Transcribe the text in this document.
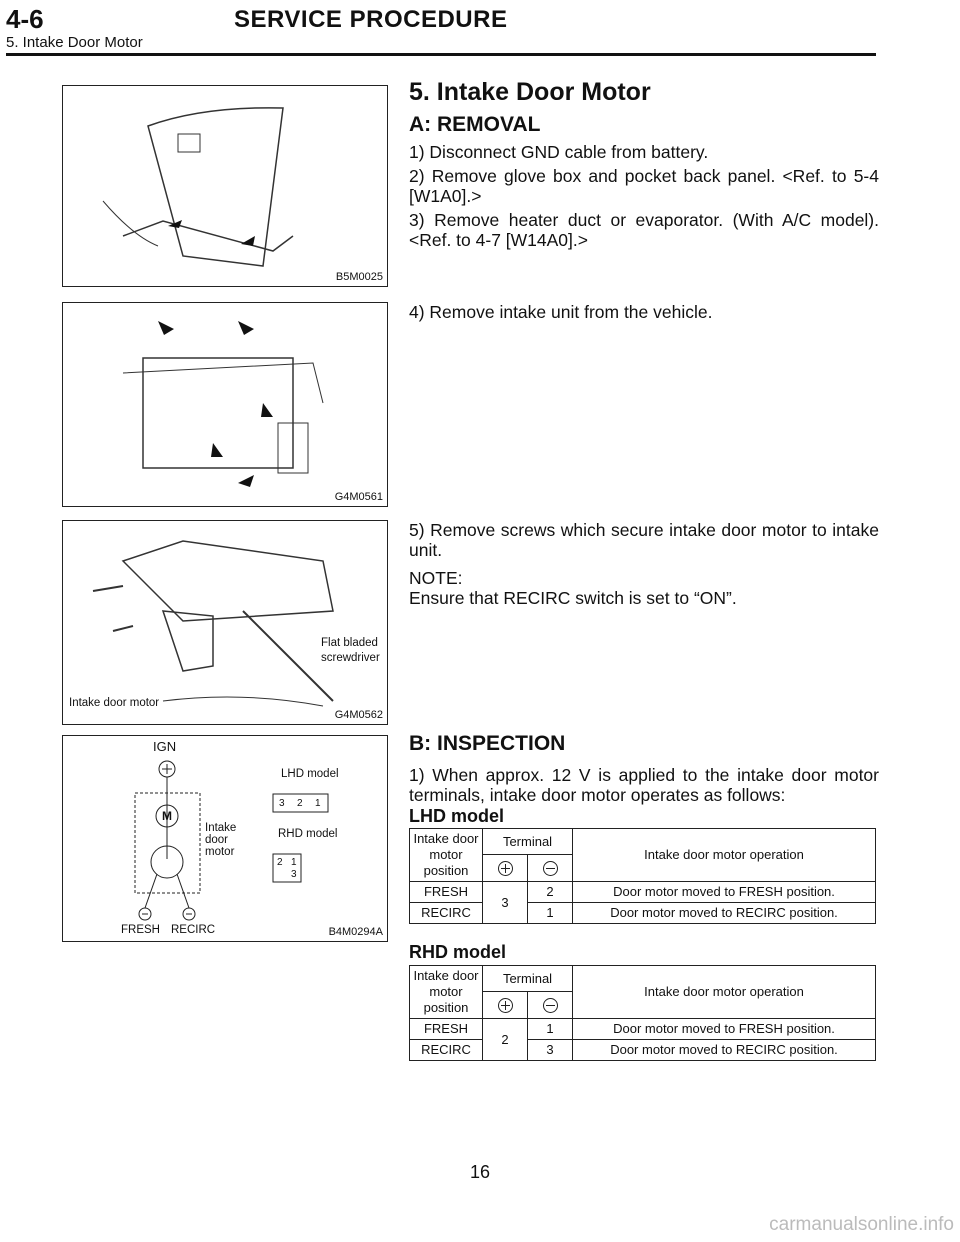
4-6	SERVICE PROCEDURE
5. Intake Door Motor
B5M0025
G4M0561
Flat bladed
screwdriver
Intake door motor
G4M0562
IGN
M
Intake
door
motor
FRESH RECIRC
LHD model
RHD model
3 2 1
2 1
3
B4M0294A
5. Intake Door Motor
A: REMOVAL

1) Disconnect GND cable from battery.

2) Remove glove box and pocket back panel. <Ref. to 5-4 [W1A0].>

3) Remove heater duct or evaporator. (With A/C model). <Ref. to 4-7 [W14A0].>

4) Remove intake unit from the vehicle.

5) Remove screws which secure intake door motor to intake unit.

NOTE:

Ensure that RECIRC switch is set to “ON”.

B: INSPECTION

1) When approx. 12 V is applied to the intake door motor terminals, intake door motor operates as follows:

LHD model
Intake door motor position	Terminal		Intake door motor operation

FRESH	3	2	Door motor moved to FRESH position.
RECIRC		1	Door motor moved to RECIRC position.
RHD model
Intake door motor position	Terminal		Intake door motor operation

FRESH	2	1	Door motor moved to FRESH position.
RECIRC		3	Door motor moved to RECIRC position.
16
carmanualsonline.info
